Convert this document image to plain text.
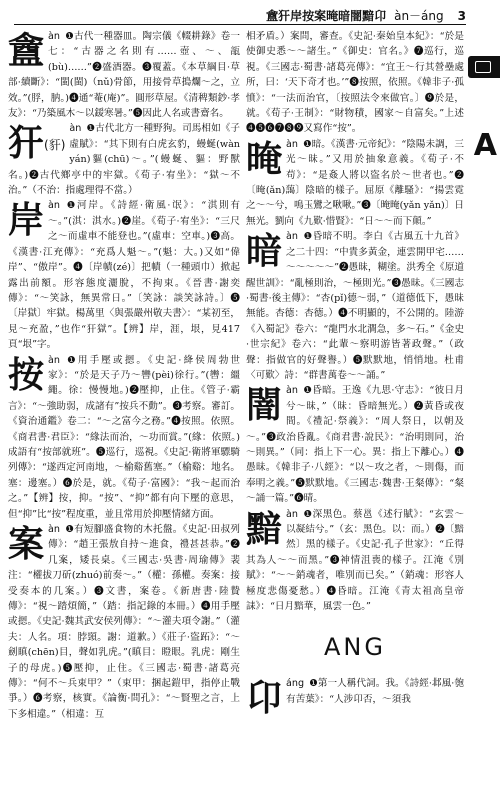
盦犴岸按案晻暗闇黯卬 àn－áng 3
A
盦 àn ❶古代一種器皿。陶宗儀《輟耕錄》卷一七：“古器之名則有……壺、～、瓿(bù)……”❷盛酒器。❸覆蓋。《本草綱目·草部·續斷》：“閩(閩)（nǔ)骨節，用接骨草搗爛～之，立效。”(脬，肭。)❹通“菴(庵)”。圓形草屋。《清稗類鈔·孝友》：“乃築風木～以鍰寒暑。”❺因此人名或書齋名。
犴(豻)
àn ❶古代北方一種野狗。司馬相如《子虛賦》：“其下則有白虎玄豹，蟃蜒(wàn yán)貙(chū)～。”(蟃蜒、貙：野獸名。)❷古代鄉亭中的牢獄。《荀子·宥坐》：“獄～不治。”（不治：指處理得不當。）
岸 àn ❶河岸。《詩經·衛風·氓》：“淇則有～。”(淇：淇水。)❷崖。《荀子·宥坐》：“三尺之～而虛車不能登也。”(虛車：空車。)❸高。《漢書·江充傳》：“充爲人魁～。”(魁：大。)又如“偉岸”、“傲岸”。❹〔岸幘(zé)〕把幘（一種頭巾）掀起露出前額。形容態度灑脫，不拘束。《晉書·謝奕傳》：“～笑詠，無異常日。”〔笑詠：談笑詠詩。〕❺〔岸獄〕牢獄。楊萬里〈與張嚴州敬夫書〉：“某初至，見～充盈，”也作“犴獄”。【辨】岸，涯，垠，見417頁“垠”字。
按 àn ❶用手壓或摁。《史記·絳侯周勃世家》：“於是天子乃～轡(pèi)徐行。”(轡：繮繩。徐：慢慢地。)❷壓抑，止住。《管子·霸言》：“～強助弱，成諸有”按兵不動”。❸考察。審訂。《資治通鑑》卷二：“～之富今之務。”❹按照。依照。《商君書·君臣》：“緣法而治，～功而賞。”(緣：依照。)成語有“按部就班”。❺巡行，巡視。《史記·衛將軍驃騎列傳》：“遂西定河南地，～榆谿舊塞。”（榆谿：地名。塞：邊塞。）❻於是，就。《荀子·富國》：“我～起而治之。”【辨】按，抑。“按”、“抑”都有向下壓的意思，但“抑”比“按”程度重，並且常用於抑壓情緒方面。
案 àn ❶有短腳盛食物的木托盤。《史記·田叔列傳》：“趙王張敖自持～進食，禮甚甚恭。”❷几案，矮長桌。《三國志·吳書·周瑜傳》裴注：“權拔刀斫(zhuó)前奏～。”（權：孫權。奏案：接受奏本的几案。）❸文書，案卷。《新唐書·陸贄傳》：“視～踏煩簡，”（踏：指記錄的本冊。）❹用手壓或摁。《史記·魏其武安侯列傳》：“～灌夫項令謝。”（灌夫：人名。項：脖頸。謝：道歉。）《莊子·盜跖》：“～劍瞋(chēn)目，聲如乳虎。”(瞋目：瞪眼。乳虎：剛生子的母虎。)❺壓抑，止住。《三國志·蜀書·諸葛亮傳》：“何不～兵束甲？”（束甲：捆起鎧甲，指停止戰爭。）❻考察，核實。《論衡·問孔》：“～賢聖之言，上下多相違。”（相違：互
相矛盾。）案問，審查。《史記·秦始皇本紀》：“於是使御史悉～～諸生。”《御史：官名。》❼巡行，巡視。《三國志·蜀書·諸葛亮傳》：“宜王～行其營壘處所，曰：‘天下奇才也。’”❽按照，依照。《韓非子·孤憤》：“一法而治官，〔按照法令來做官。〕❾於是，就。《荀子·王制》：“財物積，國家～自富矣。”上述❹❺❻❼❽❾又寫作“按”。
晻 àn ❶暗。《漢書·元帝紀》：“陰陽未調，三光～昧。”又用於抽象意義。《荀子·不苟》：“是姦人將以盜名於～世者也。”❷〔晻(ǎn)藹〕陰暗的樣子。屈原《離騷》：“揚雲霓之～～兮，鳴玉鸞之啾啾。”❸〔晻晻(yǎn yǎn)〕日無光。劉向《九歎·惜賢》：“日～～而下顛。”
暗 àn ❶昏暗不明。李白《古風五十九首》之二十四：“中貴多黃金，連雲開甲宅……～～～～～”❷愚昧，糊塗。洪秀全《原道醒世訓》：“亂極則治，～極則光。”❸愚昧。《三國志·蜀書·後主傳》：“杏(pǐ)德～弱，”（道德低下，愚昧無能。杏德：杏德。）❹不明顯的，不公開的。陸游《入蜀記》卷六：“龍門水北澗急，多～石。”《金史·世宗紀》卷六：“此輩～察明游皆著政聲。”（政聲：指做官的好聲譽。）❺默默地，悄悄地。杜甫〈可歎〉詩：“群書萬卷～～誦。”
闇 àn ❶昏暗。王逸《九思·守志》：“彼日月兮～昧，”（昧：昏暗無光。）❷黃昏或夜間。《禮記·祭義》：“周人祭日，以朝及～。”❸政治昏亂。《商君書·說民》：“治明則同，治～則異。”（同：指上下一心。異：指上下離心。）❹愚昧。《韓非子·八經》：“以～攻之者，～則傷，而奉明之義。”❺默默地。《三國志·魏書·王粲傳》：“粲～誦一篇。”❻晴。
黯 àn ❶深黑色。蔡邕《述行賦》：“玄雲～以凝結兮。”（玄：黑色。以：而。）❷〔黯然〕黑的樣子。《史記·孔子世家》：“丘得其為人～～而黑。”❸神情沮喪的樣子。江淹《別賦》：“～～銷魂者，唯別而已矣。”（銷魂：形容人極度悲傷憂愁。）❹昏暗。江淹《青太祖高皇帝誄》：“日月黯華，風雲一色。”
ANG
卬 áng ❶第一人稱代詞。我。《詩經·邶風·匏有苦葉》：“人涉卬否，～須我
